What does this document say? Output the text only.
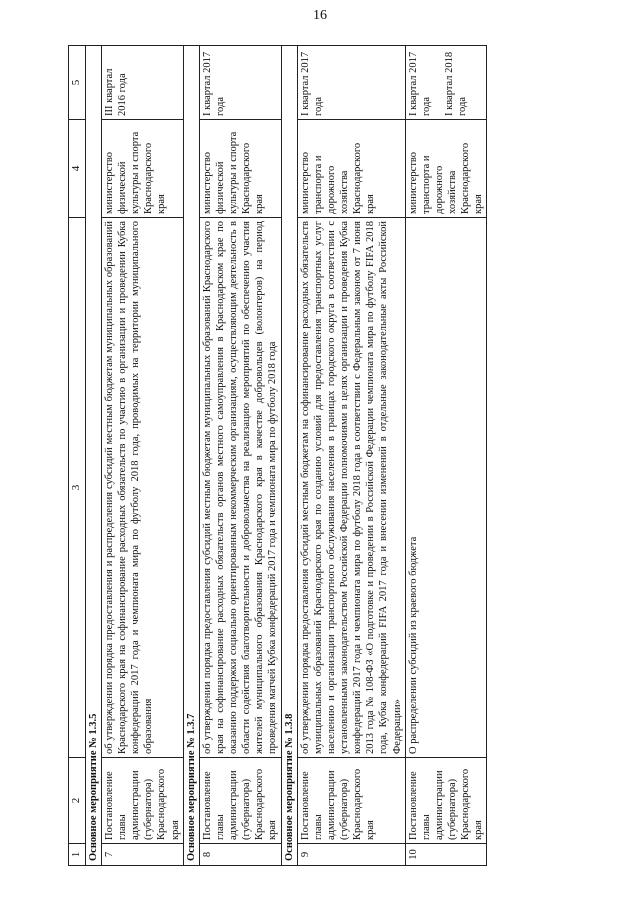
16
1	2	3	4	5
Основное мероприятие № 1.3.5				
7	Постановление главы администрации (губернатора) Краснодарского края	об утверждении порядка предоставления и распределения субсидий местным бюджетам муниципальных образований Краснодарского края на софинансирование расходных обязательств по участию в организации и проведении Кубка конфедераций 2017 года и чемпионата мира по футболу 2018 года, проводимых на территории муниципального образования	министерство физической культуры и спорта Краснодарского края	III квартал 2016 года

Основное мероприятие № 1.3.7				
8	Постановление главы администрации (губернатора) Краснодарского края	об утверждении порядка предоставления субсидий местным бюджетам муниципальных образований Краснодарского края на софинансирование расходных обязательств органов местного самоуправления в Краснодарском крае по оказанию поддержки социально ориентированным некоммерческим организациям, осуществляющим деятельность в области содействия благотворительности и добровольчества на реализацию мероприятий по обеспечению участия жителей муниципального образования Краснодарского края в качестве добровольцев (волонтеров) на период проведения матчей Кубка конфедераций 2017 года и чемпионата мира по футболу 2018 года	министерство физической культуры и спорта Краснодарского края	I квартал 2017 года

Основное мероприятие № 1.3.8				
9	Постановление главы администрации (губернатора) Краснодарского края	об утверждении порядка предоставления субсидий местным бюджетам на софинансирование расходных обязательств муниципальных образований Краснодарского края по созданию условий для предоставления транспортных услуг населению и организации транспортного обслуживания населения в границах городского округа в соответствии с установленными законодательством Российской Федерации полномочиями в целях организации и проведения Кубка конфедераций 2017 года и чемпионата мира по футболу 2018 года в соответствии с Федеральным законом от 7 июня 2013 года № 108-ФЗ «О подготовке и проведении в Российской Федерации чемпионата мира по футболу FIFA 2018 года, Кубка конфедераций FIFA 2017 года и внесении изменений в отдельные законодательные акты Российской Федерации»	министерство транспорта и дорожного хозяйства Краснодарского края	I квартал 2017 года

10	Постановление главы администрации (губернатора) Краснодарского края	О распределении субсидий из краевого бюджета	министерство транспорта и дорожного хозяйства Краснодарского края	I квартал 2017 года I квартал 2018 года
